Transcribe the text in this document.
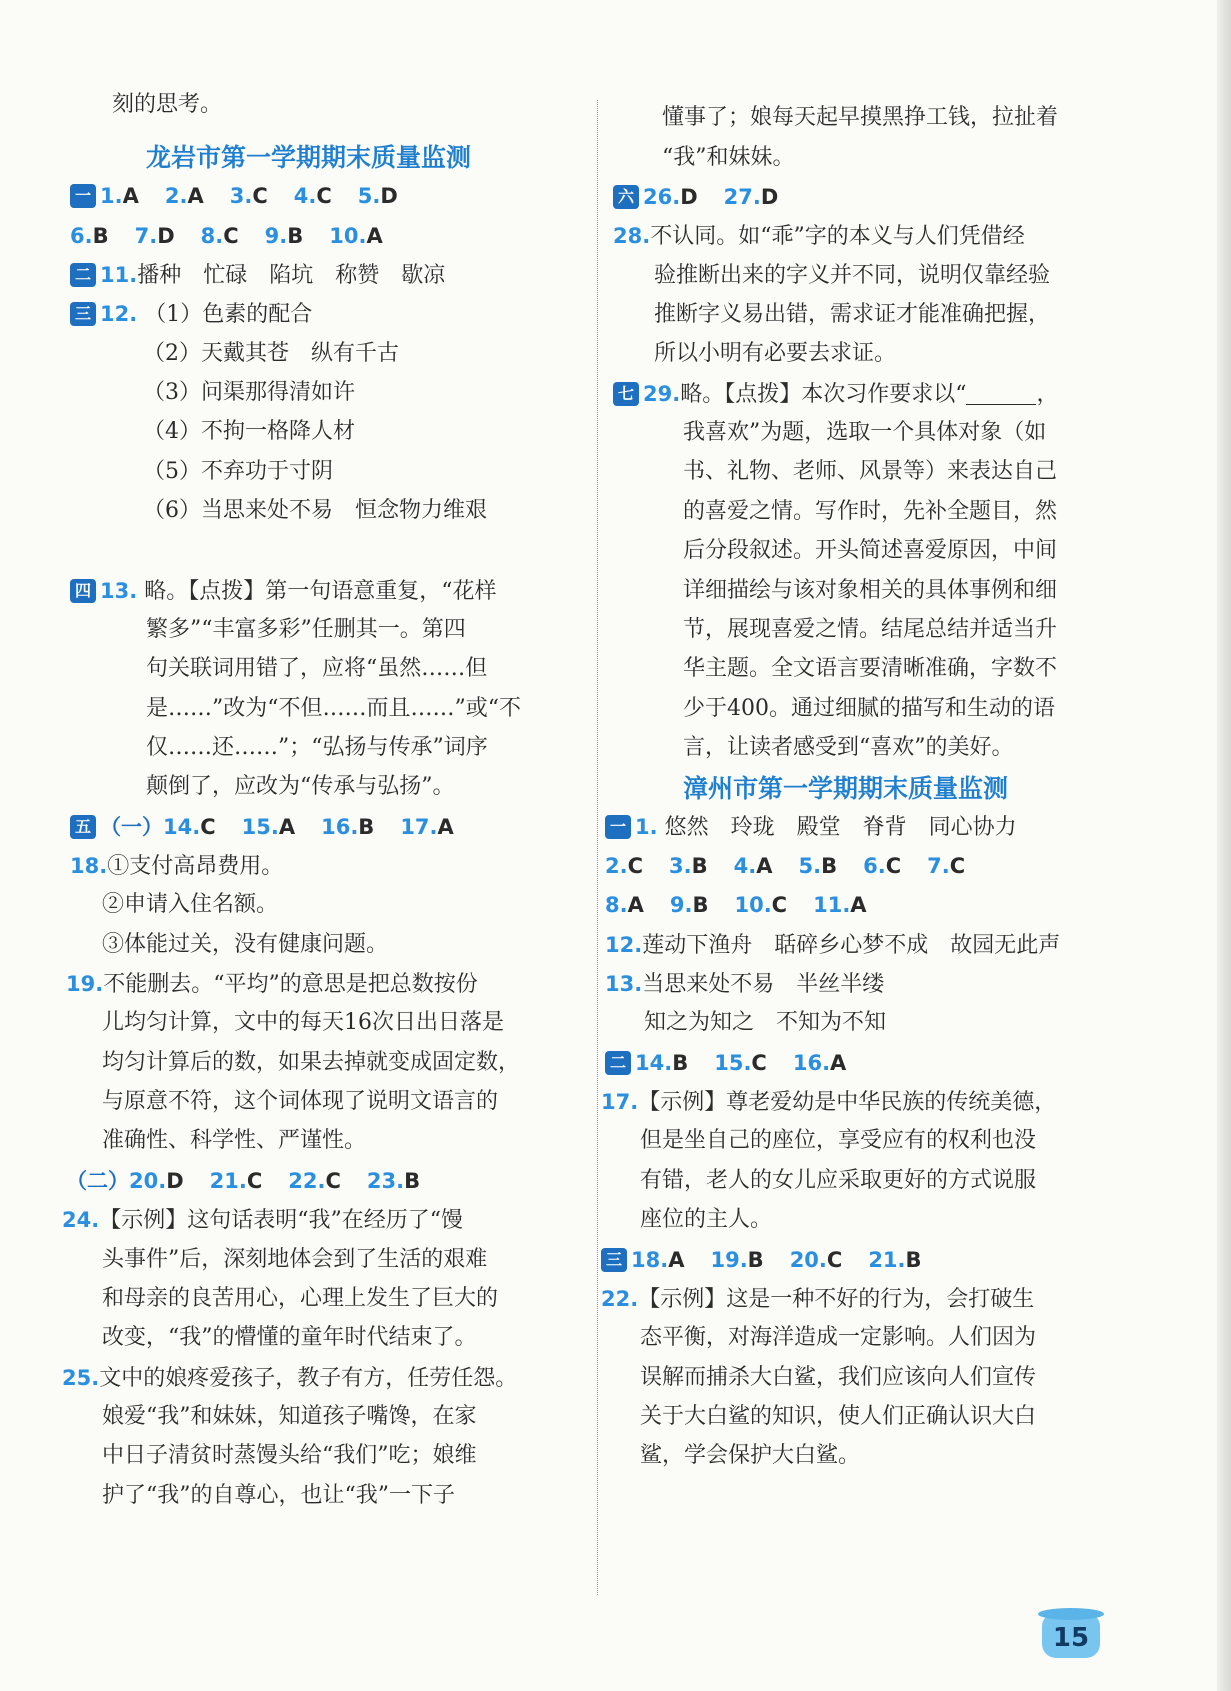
刻的思考。
龙岩市第一学期期末质量监测
一 1.A 2.A 3.C 4.C 5.D
6.B 7.D 8.C 9.B 10.A
二 11.播种　忙碌　陷坑　称赞　歇凉
三 12. （1）色素的配合
（2）天戴其苍　纵有千古
（3）问渠那得清如许
（4）不拘一格降人材
（5）不弃功于寸阴
（6）当思来处不易　恒念物力维艰
四 13. 略。【点拨】第一句语意重复，“花样
繁多”“丰富多彩”任删其一。第四
句关联词用错了，应将“虽然……但
是……”改为“不但……而且……”或“不
仅……还……”；“弘扬与传承”词序
颠倒了，应改为“传承与弘扬”。
五 （一）14.C 15.A 16.B 17.A
18.①支付高昂费用。
②申请入住名额。
③体能过关，没有健康问题。
19.不能删去。“平均”的意思是把总数按份
儿均匀计算，文中的每天16次日出日落是
均匀计算后的数，如果去掉就变成固定数，
与原意不符，这个词体现了说明文语言的
准确性、科学性、严谨性。
（二）20.D 21.C 22.C 23.B
24.【示例】这句话表明“我”在经历了“馒
头事件”后，深刻地体会到了生活的艰难
和母亲的良苦用心，心理上发生了巨大的
改变，“我”的懵懂的童年时代结束了。
25.文中的娘疼爱孩子，教子有方，任劳任怨。
娘爱“我”和妹妹，知道孩子嘴馋，在家
中日子清贫时蒸馒头给“我们”吃；娘维
护了“我”的自尊心，也让“我”一下子
懂事了；娘每天起早摸黑挣工钱，拉扯着
“我”和妹妹。
六 26.D 27.D
28.不认同。如“乖”字的本义与人们凭借经
验推断出来的字义并不同，说明仅靠经验
推断字义易出错，需求证才能准确把握，
所以小明有必要去求证。
七 29.略。【点拨】本次习作要求以“	，
我喜欢”为题，选取一个具体对象（如
书、礼物、老师、风景等）来表达自己
的喜爱之情。写作时，先补全题目，然
后分段叙述。开头简述喜爱原因，中间
详细描绘与该对象相关的具体事例和细
节，展现喜爱之情。结尾总结并适当升
华主题。全文语言要清晰准确，字数不
少于400。通过细腻的描写和生动的语
言，让读者感受到“喜欢”的美好。
漳州市第一学期期末质量监测
一 1. 悠然　玲珑　殿堂　脊背　同心协力
2.C 3.B 4.A 5.B 6.C 7.C
8.A 9.B 10.C 11.A
12.莲动下渔舟　聒碎乡心梦不成　故园无此声
13.当思来处不易　半丝半缕
知之为知之　不知为不知
二 14.B 15.C 16.A
17.【示例】尊老爱幼是中华民族的传统美德，
但是坐自己的座位，享受应有的权利也没
有错，老人的女儿应采取更好的方式说服
座位的主人。
三 18.A 19.B 20.C 21.B
22.【示例】这是一种不好的行为，会打破生
态平衡，对海洋造成一定影响。人们因为
误解而捕杀大白鲨，我们应该向人们宣传
关于大白鲨的知识，使人们正确认识大白
鲨，学会保护大白鲨。
15
